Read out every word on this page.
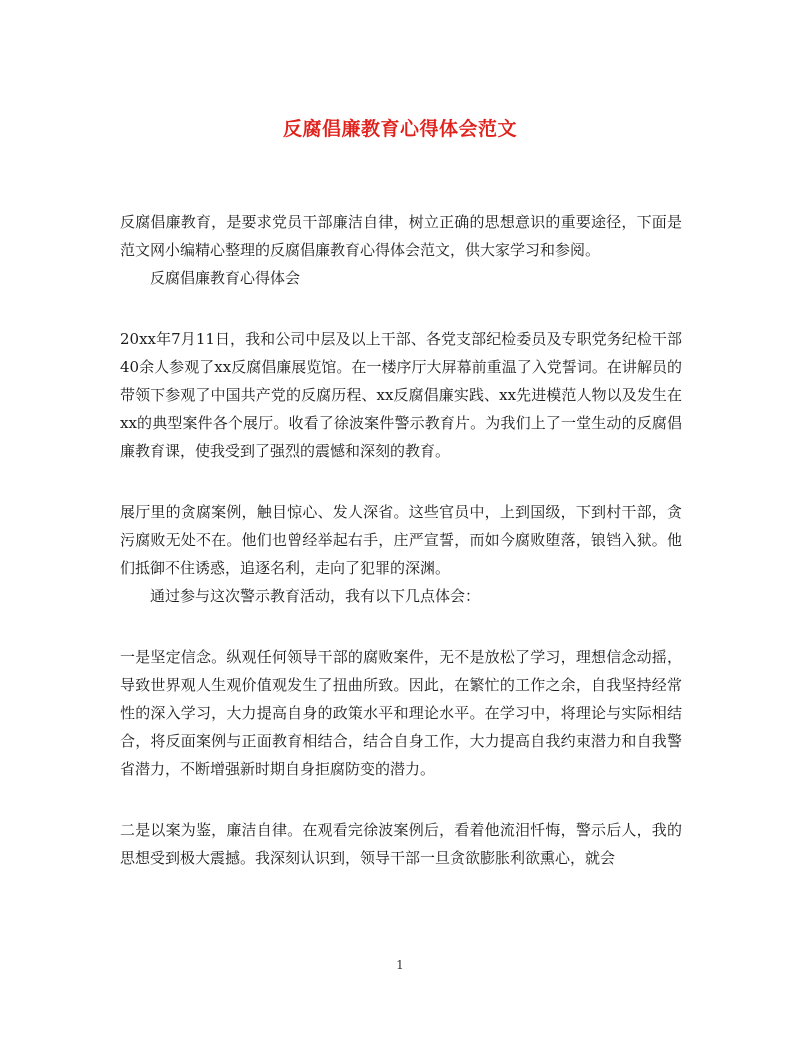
反腐倡廉教育心得体会范文

反腐倡廉教育，是要求党员干部廉洁自律，树立正确的思想意识的重要途径，下面是范文网小编精心整理的反腐倡廉教育心得体会范文，供大家学习和参阅。

反腐倡廉教育心得体会

20xx年7月11日，我和公司中层及以上干部、各党支部纪检委员及专职党务纪检干部40余人参观了xx反腐倡廉展览馆。在一楼序厅大屏幕前重温了入党誓词。在讲解员的带领下参观了中国共产党的反腐历程、xx反腐倡廉实践、xx先进模范人物以及发生在xx的典型案件各个展厅。收看了徐波案件警示教育片。为我们上了一堂生动的反腐倡廉教育课，使我受到了强烈的震憾和深刻的教育。

展厅里的贪腐案例，触目惊心、发人深省。这些官员中，上到国级，下到村干部，贪污腐败无处不在。他们也曾经举起右手，庄严宣誓，而如今腐败堕落，锒铛入狱。他们抵御不住诱惑，追逐名利，走向了犯罪的深渊。

通过参与这次警示教育活动，我有以下几点体会：

一是坚定信念。纵观任何领导干部的腐败案件，无不是放松了学习，理想信念动摇，导致世界观人生观价值观发生了扭曲所致。因此，在繁忙的工作之余，自我坚持经常性的深入学习，大力提高自身的政策水平和理论水平。在学习中，将理论与实际相结合，将反面案例与正面教育相结合，结合自身工作，大力提高自我约束潜力和自我警省潜力，不断增强新时期自身拒腐防变的潜力。

二是以案为鉴，廉洁自律。在观看完徐波案例后，看着他流泪忏悔，警示后人，我的思想受到极大震撼。我深刻认识到，领导干部一旦贪欲膨胀利欲熏心，就会

1
